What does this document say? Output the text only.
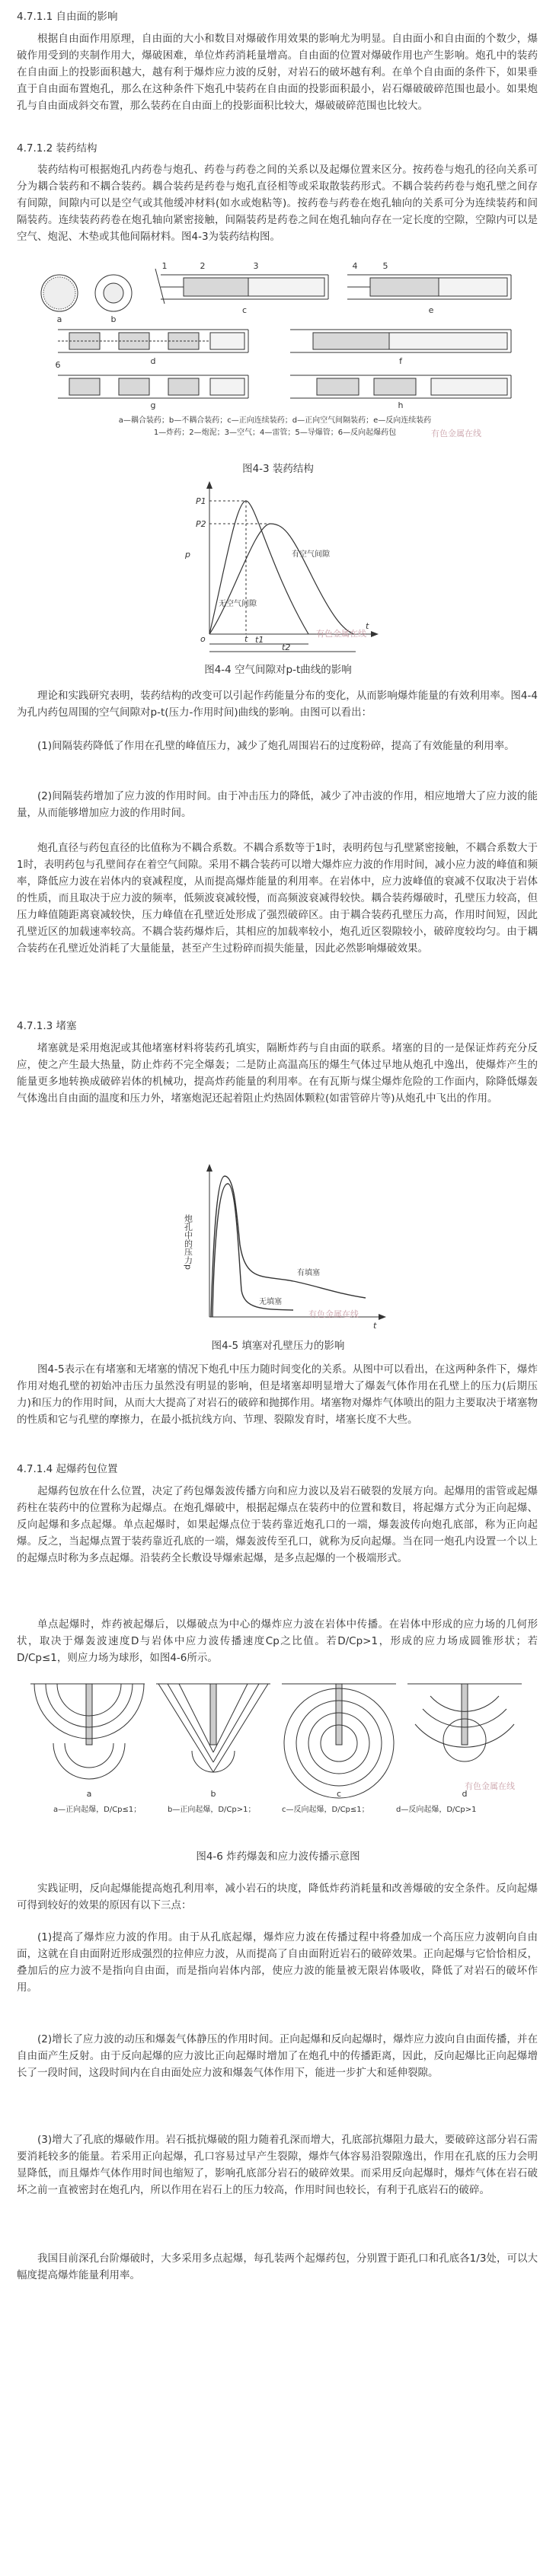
4.7.1.1 自由面的影响

根据自由面作用原理，自由面的大小和数目对爆破作用效果的影响尤为明显。自由面小和自由面的个数少，爆破作用受到的夹制作用大，爆破困难，单位炸药消耗量增高。自由面的位置对爆破作用也产生影响。炮孔中的装药在自由面上的投影面积越大，越有利于爆炸应力波的反射，对岩石的破坏越有利。在单个自由面的条件下，如果垂直于自由面布置炮孔，那么在这种条件下炮孔中装药在自由面的投影面积最小，岩石爆破破碎范围也最小。如果炮孔与自由面成斜交布置，那么装药在自由面上的投影面积比较大，爆破破碎范围也比较大。

4.7.1.2 装药结构

装药结构可根据炮孔内药卷与炮孔、药卷与药卷之间的关系以及起爆位置来区分。按药卷与炮孔的径向关系可分为耦合装药和不耦合装药。耦合装药是药卷与炮孔直径相等或采取散装药形式。不耦合装药药卷与炮孔壁之间存有间隙，间隙内可以是空气或其他缓冲材料(如水或炮粘等)。按药卷与药卷在炮孔轴向的关系可分为连续装药和间隔装药。连续装药药卷在炮孔轴向紧密接触，间隔装药是药卷之间在炮孔轴向存在一定长度的空隙，空隙内可以是空气、炮泥、木垫或其他间隔材料。图4-3为装药结构图。

a	b
c
d
e
f
g	h
1	2	3	4	5
6
a—耦合装药；b—不耦合装药；c—正向连续装药；d—正向空气间隔装药；e—反向连续装药
1—炸药；2—炮泥；3—空气；4—雷管；5—导爆管；6—反向起爆药包	有色金属在线

图4-3 装药结构

p
P1
P2
o	t t1
t2
t
有空气间隙
无空气间隙
有色金属在线

图4-4 空气间隙对p-t曲线的影响

理论和实践研究表明，装药结构的改变可以引起作药能量分布的变化，从而影响爆炸能量的有效利用率。图4-4为孔内药包周围的空气间隙对p-t(压力-作用时间)曲线的影响。由图可以看出：

(1)间隔装药降低了作用在孔壁的峰值压力，减少了炮孔周围岩石的过度粉碎，提高了有效能量的利用率。

(2)间隔装药增加了应力波的作用时间。由于冲击压力的降低，减少了冲击波的作用，相应地增大了应力波的能量，从而能够增加应力波的作用时间。

炮孔直径与药包直径的比值称为不耦合系数。不耦合系数等于1时，表明药包与孔壁紧密接触，不耦合系数大于1时，表明药包与孔壁间存在着空气间隙。采用不耦合装药可以增大爆炸应力波的作用时间，减小应力波的峰值和频率，降低应力波在岩体内的衰减程度，从而提高爆炸能量的利用率。在岩体中，应力波峰值的衰减不仅取决于岩体的性质，而且取决于应力波的频率，低频波衰减较慢，而高频波衰减得较快。耦合装药爆破时，孔壁压力较高，但压力峰值随距离衰减较快，压力峰值在孔壁近处形成了强烈破碎区。由于耦合装药孔壁压力高，作用时间短，因此孔壁近区的加载速率较高。不耦合装药爆炸后，其相应的加载率较小，炮孔近区裂隙较小，破碎度较均匀。由于耦合装药在孔壁近处消耗了大量能量，甚至产生过粉碎而损失能量，因此必然影响爆破效果。

4.7.1.3 堵塞

堵塞就是采用炮泥或其他堵塞材料将装药孔填实，隔断炸药与自由面的联系。堵塞的目的一是保证炸药充分反应，使之产生最大热量，防止炸药不完全爆轰；二是防止高温高压的爆生气体过早地从炮孔中逸出，使爆炸产生的能量更多地转换成破碎岩体的机械功，提高炸药能量的利用率。在有瓦斯与煤尘爆炸危险的工作面内，除降低爆轰气体逸出自由面的温度和压力外，堵塞炮泥还起着阻止灼热固体颗粒(如雷管碎片等)从炮孔中飞出的作用。

炮孔中的压力p
t
有填塞
无填塞
有色金属在线

图4-5 填塞对孔壁压力的影响

图4-5表示在有堵塞和无堵塞的情况下炮孔中压力随时间变化的关系。从图中可以看出，在这两种条件下，爆炸作用对炮孔壁的初始冲击压力虽然没有明显的影响，但是堵塞却明显增大了爆轰气体作用在孔壁上的压力(后期压力)和压力的作用时间，从而大大提高了对岩石的破碎和抛掷作用。堵塞物对爆炸气体喷出的阻力主要取决于堵塞物的性质和它与孔壁的摩擦力，在最小抵抗线方向、节理、裂隙发育时，堵塞长度不大些。

4.7.1.4 起爆药包位置

起爆药包放在什么位置，决定了药包爆轰波传播方向和应力波以及岩石破裂的发展方向。起爆用的雷管或起爆药柱在装药中的位置称为起爆点。在炮孔爆破中，根据起爆点在装药中的位置和数目，将起爆方式分为正向起爆、反向起爆和多点起爆。单点起爆时，如果起爆点位于装药靠近炮孔口的一端，爆轰波传向炮孔底部，称为正向起爆。反之，当起爆点置于装药靠近孔底的一端，爆轰波传至孔口，就称为反向起爆。当在同一炮孔内设置一个以上的起爆点时称为多点起爆。沿装药全长敷设导爆索起爆，是多点起爆的一个极端形式。

单点起爆时，炸药被起爆后，以爆破点为中心的爆炸应力波在岩体中传播。在岩体中形成的应力场的几何形状，取决于爆轰波速度D与岩体中应力波传播速度Cp之比值。若D/Cp>1，形成的应力场成圆锥形状；若D/Cp≤1，则应力场为球形，如图4-6所示。

a	b	c	d
a—正向起爆，D/Cp≤1；	b—正向起爆，D/Cp>1；	c—反向起爆，D/Cp≤1；	d—反向起爆，D/Cp>1
有色金属在线

图4-6 炸药爆轰和应力波传播示意图

实践证明，反向起爆能提高炮孔利用率，减小岩石的块度，降低炸药消耗量和改善爆破的安全条件。反向起爆可得到较好的效果的原因有以下三点：

(1)提高了爆炸应力波的作用。由于从孔底起爆，爆炸应力波在传播过程中将叠加成一个高压应力波朝向自由面，这就在自由面附近形成强烈的拉伸应力波，从而提高了自由面附近岩石的破碎效果。正向起爆与它恰恰相反，叠加后的应力波不是指向自由面，而是指向岩体内部，使应力波的能量被无限岩体吸收，降低了对岩石的破坏作用。

(2)增长了应力波的动压和爆轰气体静压的作用时间。正向起爆和反向起爆时，爆炸应力波向自由面传播，并在自由面产生反射。由于反向起爆的应力波比正向起爆时增加了在炮孔中的传播距离，因此，反向起爆比正向起爆增长了一段时间，这段时间内在自由面处应力波和爆轰气体作用下，能进一步扩大和延伸裂隙。

(3)增大了孔底的爆破作用。岩石抵抗爆破的阻力随着孔深而增大，孔底部抗爆阻力最大，要破碎这部分岩石需要消耗较多的能量。若采用正向起爆，孔口容易过早产生裂隙，爆炸气体容易沿裂隙逸出，作用在孔底的压力会明显降低，而且爆炸气体作用时间也缩短了，影响孔底部分岩石的破碎效果。而采用反向起爆时，爆炸气体在岩石破坏之前一直被密封在炮孔内，所以作用在岩石上的压力较高，作用时间也较长，有利于孔底岩石的破碎。

我国目前深孔台阶爆破时，大多采用多点起爆，每孔装两个起爆药包，分别置于距孔口和孔底各1/3处，可以大幅度提高爆炸能量利用率。
